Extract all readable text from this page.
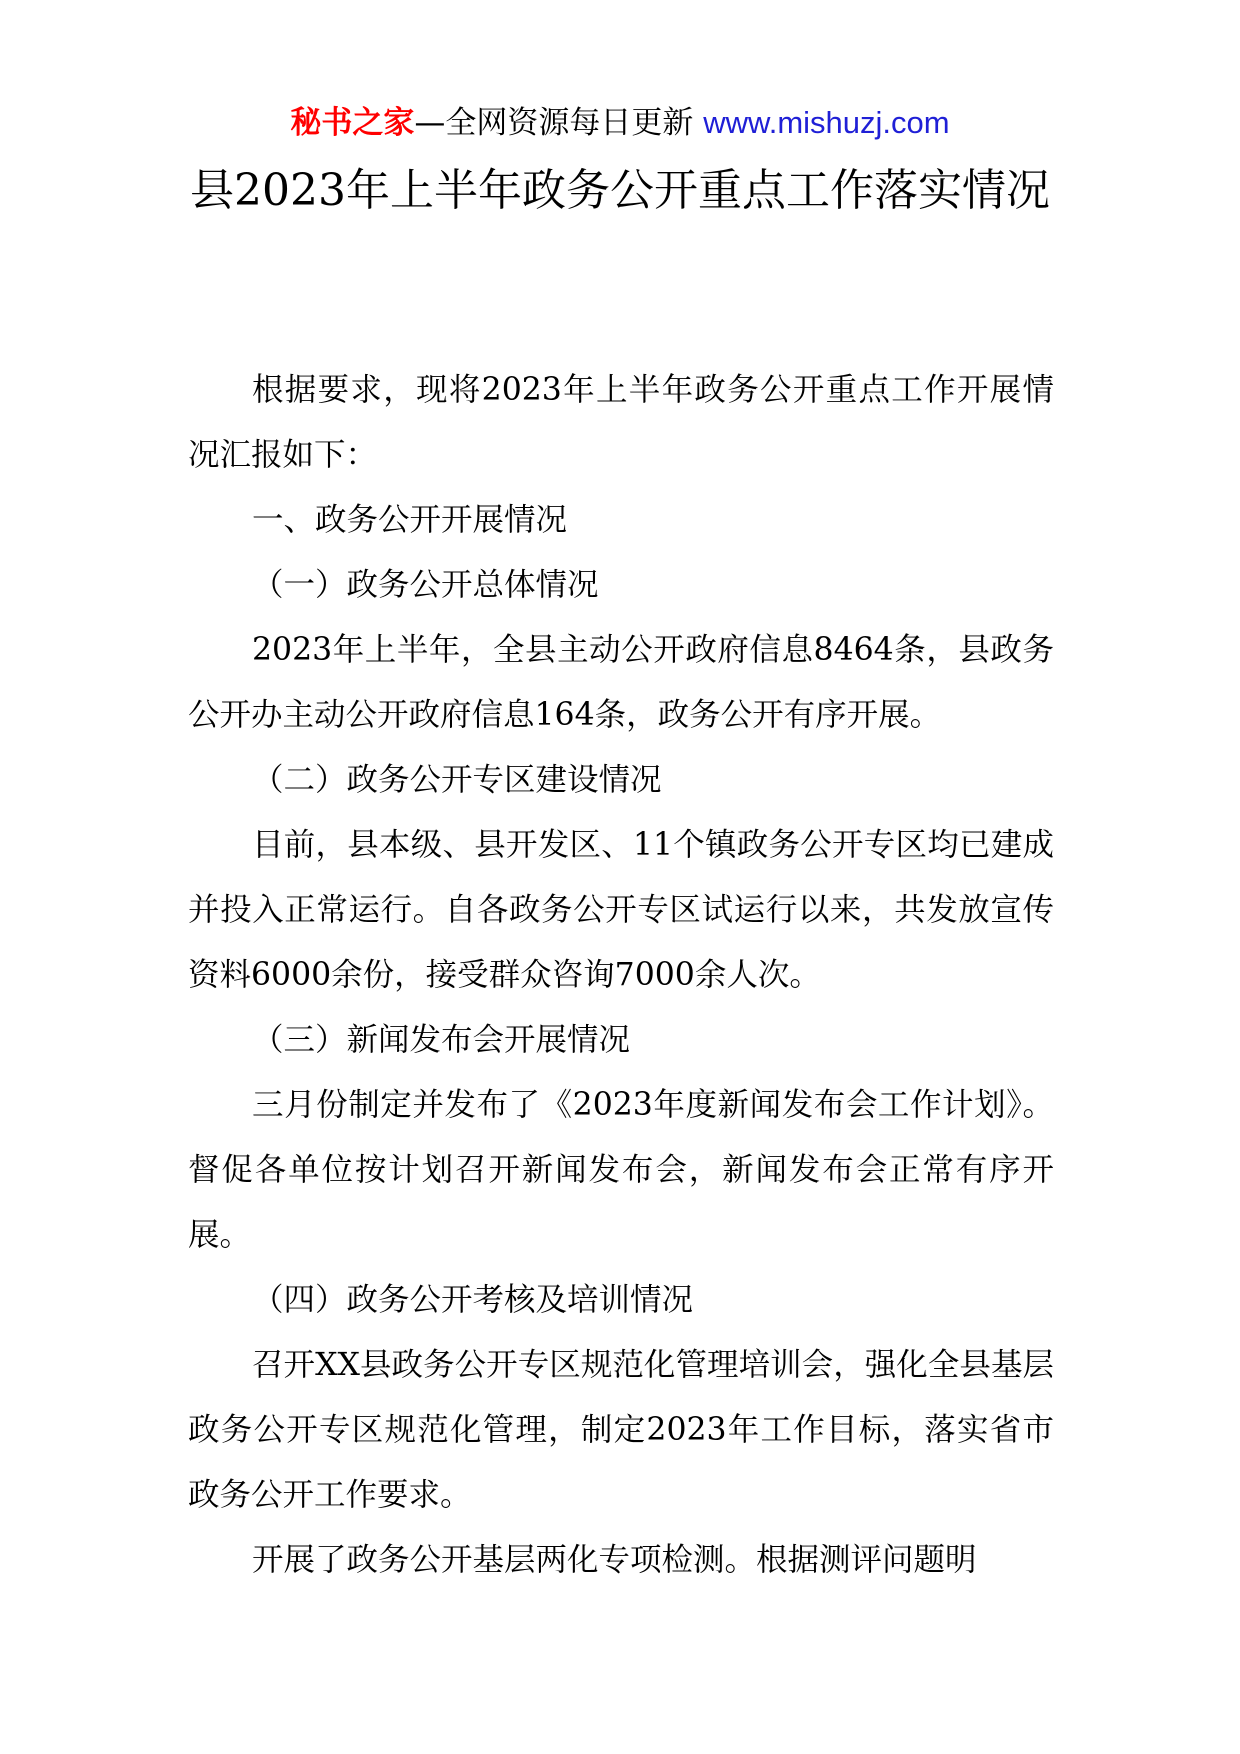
秘书之家—全网资源每日更新 www.mishuzj.com
县2023年上半年政务公开重点工作落实情况

根据要求，现将2023年上半年政务公开重点工作开展情况汇报如下：

一、政务公开开展情况

（一）政务公开总体情况

2023年上半年，全县主动公开政府信息8464条，县政务公开办主动公开政府信息164条，政务公开有序开展。

（二）政务公开专区建设情况

目前，县本级、县开发区、11个镇政务公开专区均已建成并投入正常运行。自各政务公开专区试运行以来，共发放宣传资料6000余份，接受群众咨询7000余人次。

（三）新闻发布会开展情况

三月份制定并发布了《2023年度新闻发布会工作计划》。督促各单位按计划召开新闻发布会，新闻发布会正常有序开展。

（四）政务公开考核及培训情况

召开XX县政务公开专区规范化管理培训会，强化全县基层政务公开专区规范化管理，制定2023年工作目标，落实省市政务公开工作要求。

开展了政务公开基层两化专项检测。根据测评问题明
